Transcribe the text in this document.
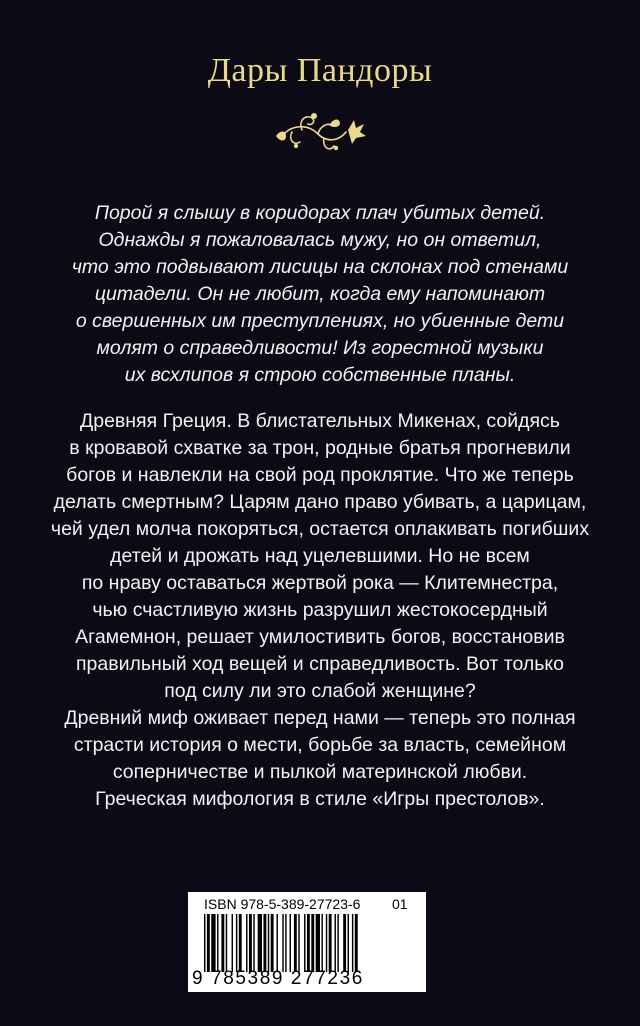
Дары Пандоры
Порой я слышу в коридорах плач убитых детей.
Однажды я пожаловалась мужу, но он ответил,
что это подвывают лисицы на склонах под стенами
цитадели. Он не любит, когда ему напоминают
о свершенных им преступлениях, но убиенные дети
молят о справедливости! Из горестной музыки
их всхлипов я строю собственные планы.
Древняя Греция. В блистательных Микенах, сойдясь
в кровавой схватке за трон, родные братья прогневили
богов и навлекли на свой род проклятие. Что же теперь
делать смертным? Царям дано право убивать, а царицам,
чей удел молча покоряться, остается оплакивать погибших
детей и дрожать над уцелевшими. Но не всем
по нраву оставаться жертвой рока — Клитемнестра,
чью счастливую жизнь разрушил жестокосердный
Агамемнон, решает умилостивить богов, восстановив
правильный ход вещей и справедливость. Вот только
под силу ли это слабой женщине?
Древний миф оживает перед нами — теперь это полная
страсти история о мести, борьбе за власть, семейном
соперничестве и пылкой материнской любви.
Греческая мифология в стиле «Игры престолов».
ISBN 978-5-389-27723-6 01
9 785389 277236
